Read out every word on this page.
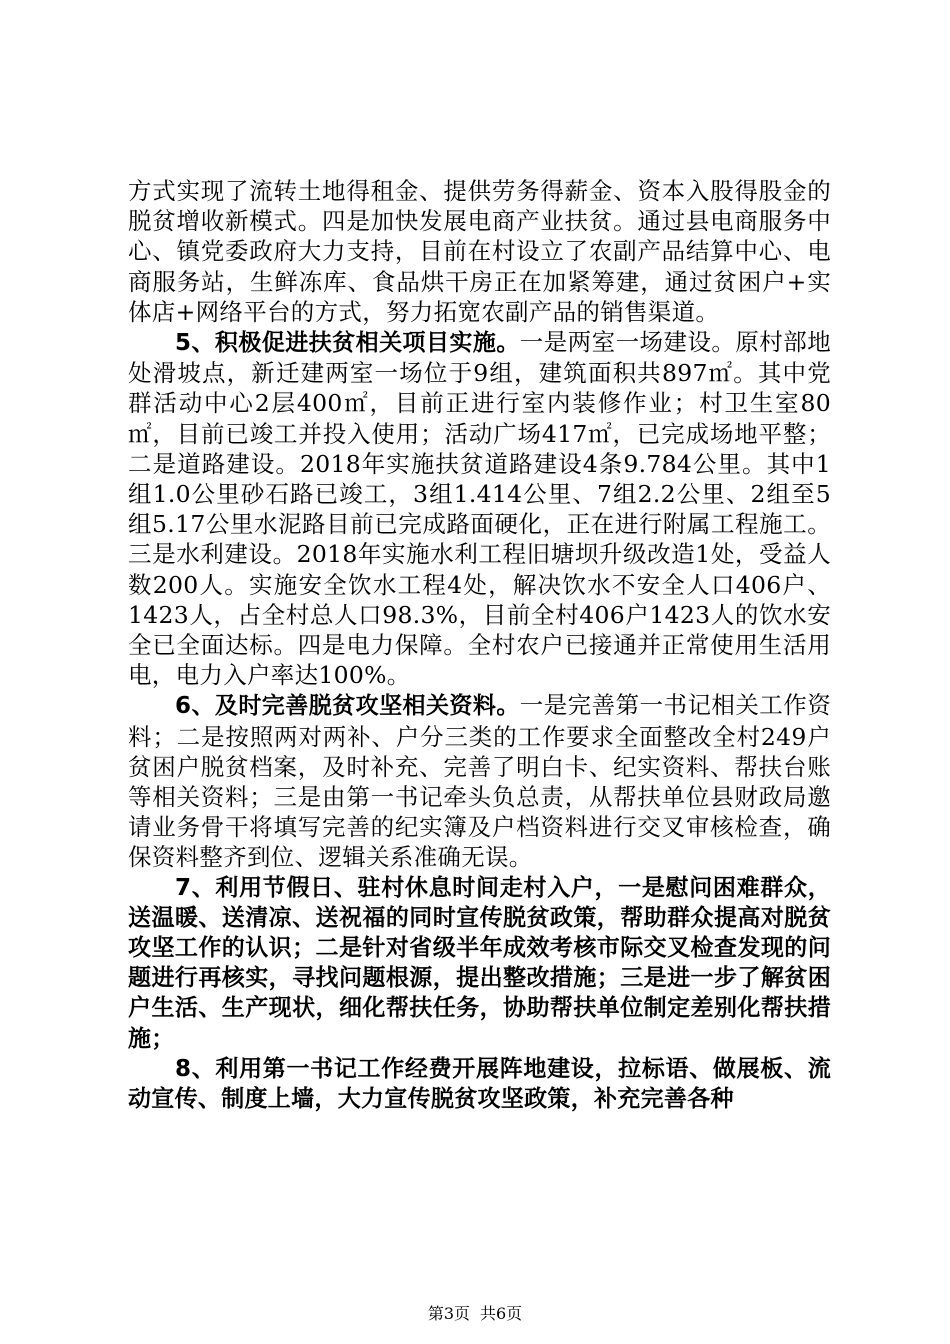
方式实现了流转土地得租金、提供劳务得薪金、资本入股得股金的脱贫增收新模式。四是加快发展电商产业扶贫。通过县电商服务中心、镇党委政府大力支持，目前在村设立了农副产品结算中心、电商服务站，生鲜冻库、食品烘干房正在加紧筹建，通过贫困户+实体店+网络平台的方式，努力拓宽农副产品的销售渠道。

5、积极促进扶贫相关项目实施。一是两室一场建设。原村部地处滑坡点，新迁建两室一场位于9组，建筑面积共897㎡。其中党群活动中心2层400㎡，目前正进行室内装修作业；村卫生室80㎡，目前已竣工并投入使用；活动广场417㎡，已完成场地平整；二是道路建设。2018年实施扶贫道路建设4条9.784公里。其中1组1.0公里砂石路已竣工，3组1.414公里、7组2.2公里、2组至5组5.17公里水泥路目前已完成路面硬化，正在进行附属工程施工。三是水利建设。2018年实施水利工程旧塘坝升级改造1处，受益人数200人。实施安全饮水工程4处，解决饮水不安全人口406户、1423人，占全村总人口98.3%，目前全村406户1423人的饮水安全已全面达标。四是电力保障。全村农户已接通并正常使用生活用电，电力入户率达100%。

6、及时完善脱贫攻坚相关资料。一是完善第一书记相关工作资料；二是按照两对两补、户分三类的工作要求全面整改全村249户贫困户脱贫档案，及时补充、完善了明白卡、纪实资料、帮扶台账等相关资料；三是由第一书记牵头负总责，从帮扶单位县财政局邀请业务骨干将填写完善的纪实簿及户档资料进行交叉审核检查，确保资料整齐到位、逻辑关系准确无误。

7、利用节假日、驻村休息时间走村入户，一是慰问困难群众，送温暖、送清凉、送祝福的同时宣传脱贫政策，帮助群众提高对脱贫攻坚工作的认识；二是针对省级半年成效考核市际交叉检查发现的问题进行再核实，寻找问题根源，提出整改措施；三是进一步了解贫困户生活、生产现状，细化帮扶任务，协助帮扶单位制定差别化帮扶措施；

8、利用第一书记工作经费开展阵地建设，拉标语、做展板、流动宣传、制度上墙，大力宣传脱贫攻坚政策，补充完善各种

第3页 共6页
